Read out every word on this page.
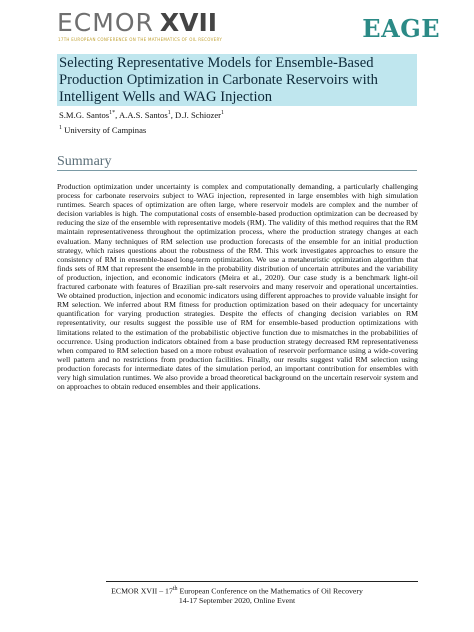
ECMOR XVII
17TH EUROPEAN CONFERENCE ON THE MATHEMATICS OF OIL RECOVERY	EAGE
Selecting Representative Models for Ensemble-Based Production Optimization in Carbonate Reservoirs with Intelligent Wells and WAG Injection
S.M.G. Santos$^{1*}$, A.A.S. Santos$^1$, D.J. Schiozer$^1$
$^1$ University of Campinas
Summary
Production optimization under uncertainty is complex and computationally demanding, a particularly challenging process for carbonate reservoirs subject to WAG injection, represented in large ensembles with high simulation runtimes. Search spaces of optimization are often large, where reservoir models are complex and the number of decision variables is high. The computational costs of ensemble-based production optimization can be decreased by reducing the size of the ensemble with representative models (RM). The validity of this method requires that the RM maintain representativeness throughout the optimization process, where the production strategy changes at each evaluation. Many techniques of RM selection use production forecasts of the ensemble for an initial production strategy, which raises questions about the robustness of the RM. This work investigates approaches to ensure the consistency of RM in ensemble-based long-term optimization. We use a metaheuristic optimization algorithm that finds sets of RM that represent the ensemble in the probability distribution of uncertain attributes and the variability of production, injection, and economic indicators (Meira et al., 2020). Our case study is a benchmark light-oil fractured carbonate with features of Brazilian pre-salt reservoirs and many reservoir and operational uncertainties. We obtained production, injection and economic indicators using different approaches to provide valuable insight for RM selection. We inferred about RM fitness for production optimization based on their adequacy for uncertainty quantification for varying production strategies. Despite the effects of changing decision variables on RM representativity, our results suggest the possible use of RM for ensemble-based production optimizations with limitations related to the estimation of the probabilistic objective function due to mismatches in the probabilities of occurrence. Using production indicators obtained from a base production strategy decreased RM representativeness when compared to RM selection based on a more robust evaluation of reservoir performance using a wide-covering well pattern and no restrictions from production facilities. Finally, our results suggest valid RM selection using production forecasts for intermediate dates of the simulation period, an important contribution for ensembles with very high simulation runtimes. We also provide a broad theoretical background on the uncertain reservoir system and on approaches to obtain reduced ensembles and their applications.
ECMOR XVII – 17th European Conference on the Mathematics of Oil Recovery
14-17 September 2020, Online Event
